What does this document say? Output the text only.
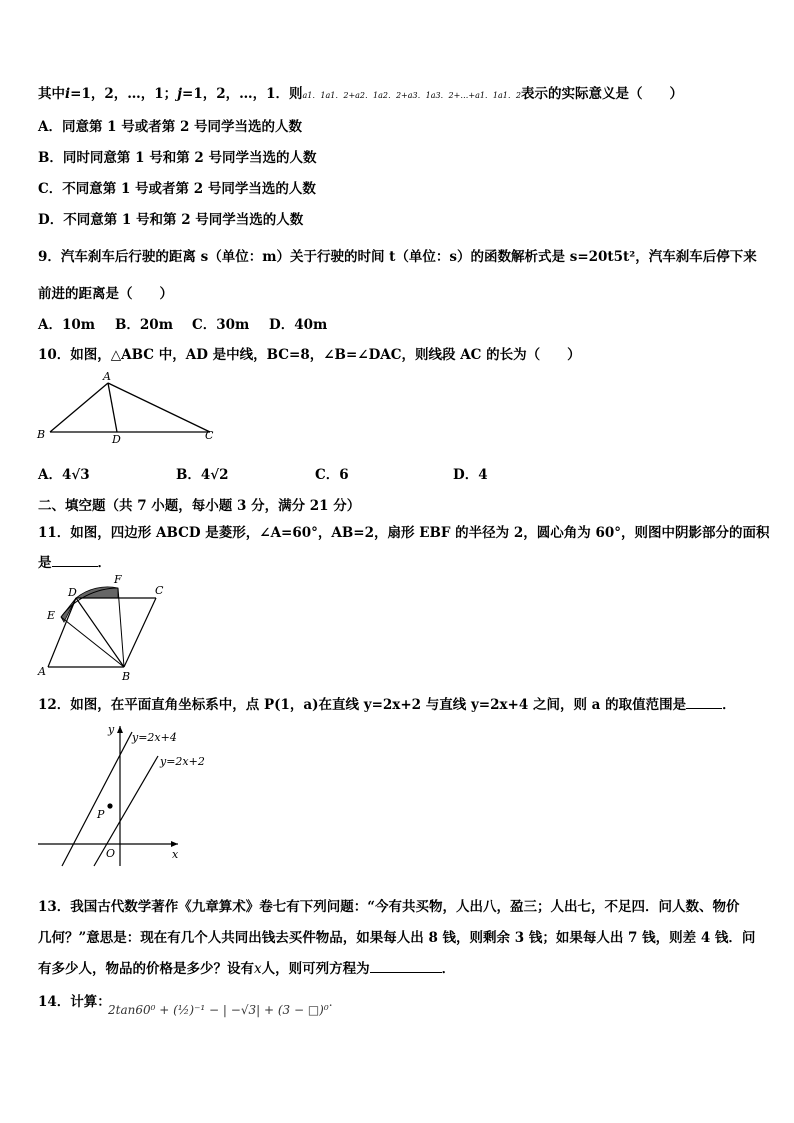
其中i=1，2，…，1；j=1，2，…，1．则a1．1a1．2+a2．1a2．2+a3．1a3．2+…+a1．1a1．2表示的实际意义是（　　）
A．同意第 1 号或者第 2 号同学当选的人数
B．同时同意第 1 号和第 2 号同学当选的人数
C．不同意第 1 号或者第 2 号同学当选的人数
D．不同意第 1 号和第 2 号同学当选的人数
9．汽车刹车后行驶的距离 s（单位：m）关于行驶的时间 t（单位：s）的函数解析式是 s=20t5t²，汽车刹车后停下来
前进的距离是（　　）
A．10m B．20m C．30m D．40m
10．如图，△ABC 中，AD 是中线，BC=8，∠B=∠DAC，则线段 AC 的长为（　　）
A
B	C
D
A．4√3	B．4√2	C．6	D．4
二、填空题（共 7 小题，每小题 3 分，满分 21 分）
11．如图，四边形 ABCD 是菱形，∠A=60°，AB=2，扇形 EBF 的半径为 2，圆心角为 60°，则图中阴影部分的面积
是	．
A	B
C
D
E
F
12．如图，在平面直角坐标系中，点 P(1，a)在直线 y=2x+2 与直线 y=2x+4 之间，则 a 的取值范围是	．
y
x
O
P
y=2x+4
y=2x+2
13．我国古代数学著作《九章算术》卷七有下列问题：“今有共买物，人出八，盈三；人出七，不足四．问人数、物价
几何？”意思是：现在有几个人共同出钱去买件物品，如果每人出 8 钱，则剩余 3 钱；如果每人出 7 钱，则差 4 钱．问
有多少人，物品的价格是多少？设有x人，则可列方程为	．
14．计算：
2tan60⁰ + (½)⁻¹ − | −√3| + (3 − □)⁰.
